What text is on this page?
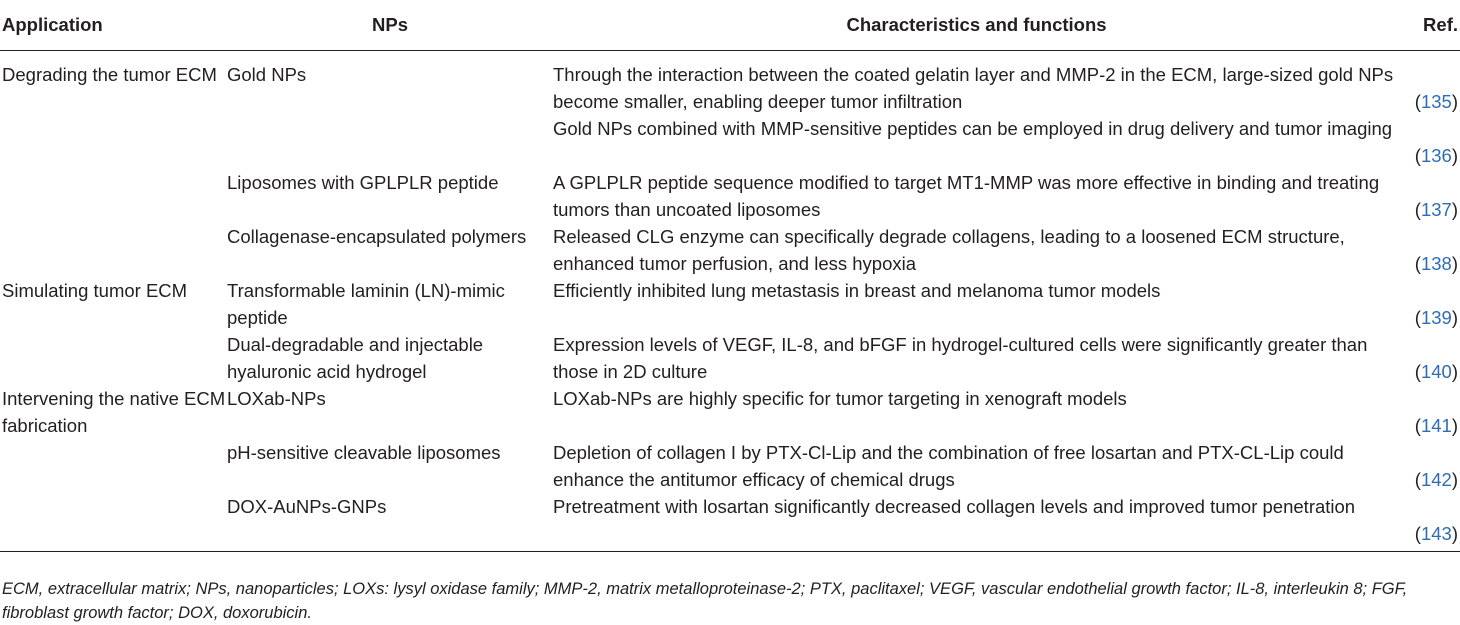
Application	NPs	Characteristics and functions	Ref.
Degrading the tumor ECM	Gold NPs	Through the interaction between the coated gelatin layer and MMP-2 in the ECM, large-sized gold NPs become smaller, enabling deeper tumor infiltration	(135)
		Gold NPs combined with MMP-sensitive peptides can be employed in drug delivery and tumor imaging	(136)
	Liposomes with GPLPLR peptide	A GPLPLR peptide sequence modified to target MT1-MMP was more effective in binding and treating tumors than uncoated liposomes	(137)
	Collagenase-encapsulated polymers	Released CLG enzyme can specifically degrade collagens, leading to a loosened ECM structure, enhanced tumor perfusion, and less hypoxia	(138)
Simulating tumor ECM	Transformable laminin (LN)-mimic peptide	Efficiently inhibited lung metastasis in breast and melanoma tumor models	(139)
	Dual-degradable and injectable hyaluronic acid hydrogel	Expression levels of VEGF, IL-8, and bFGF in hydrogel-cultured cells were significantly greater than those in 2D culture	(140)
Intervening the native ECM fabrication	LOXab-NPs	LOXab-NPs are highly specific for tumor targeting in xenograft models	(141)
	pH-sensitive cleavable liposomes	Depletion of collagen I by PTX-Cl-Lip and the combination of free losartan and PTX-CL-Lip could enhance the antitumor efficacy of chemical drugs	(142)
	DOX-AuNPs-GNPs	Pretreatment with losartan significantly decreased collagen levels and improved tumor penetration	(143)
ECM, extracellular matrix; NPs, nanoparticles; LOXs: lysyl oxidase family; MMP-2, matrix metalloproteinase-2; PTX, paclitaxel; VEGF, vascular endothelial growth factor; IL-8, interleukin 8; FGF, fibroblast growth factor; DOX, doxorubicin.
